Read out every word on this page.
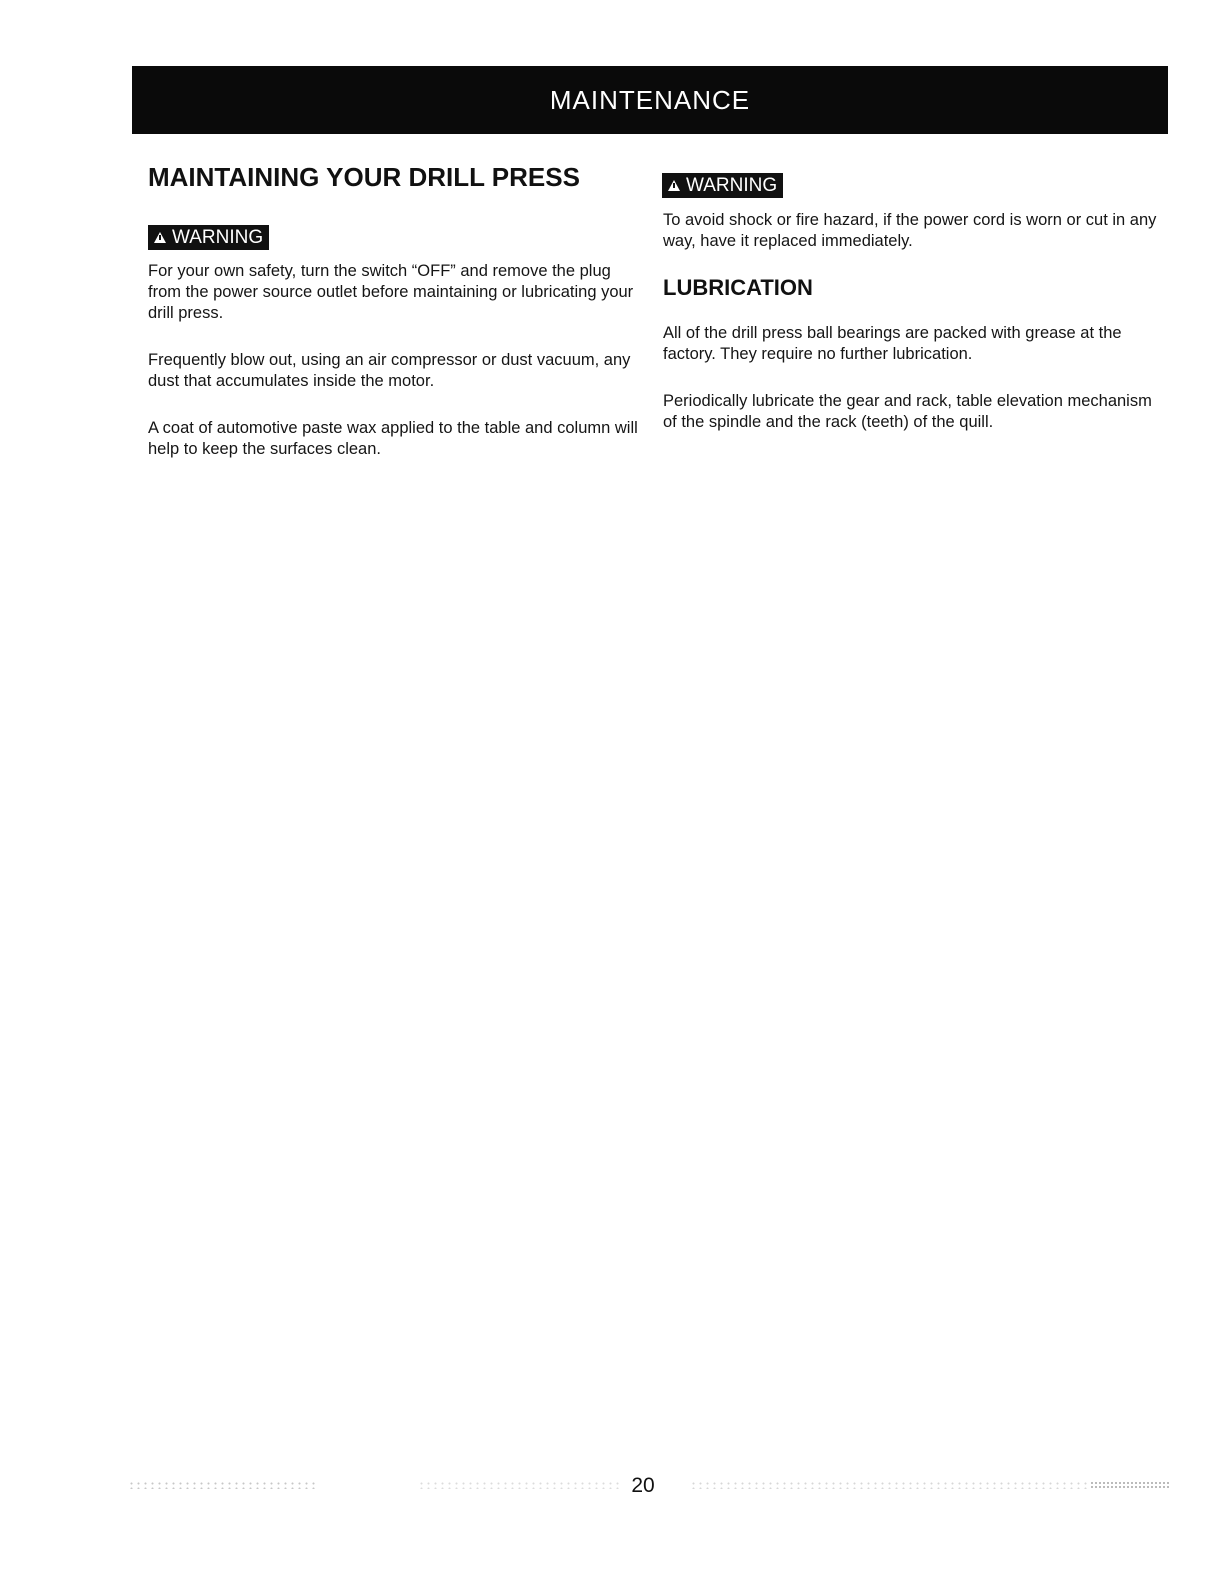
MAINTENANCE
MAINTAINING YOUR DRILL PRESS
WARNING

For your own safety, turn the switch “OFF” and remove the plug from the power source outlet before maintaining or lubricating your drill press.

Frequently blow out, using an air compressor or dust vacuum, any dust that accumulates inside the motor.

A coat of automotive paste wax applied to the table and column will help to keep the surfaces clean.

WARNING

To avoid shock or fire hazard, if the power cord is worn or cut in any way, have it replaced immediately.

LUBRICATION

All of the drill press ball bearings are packed with grease at the factory. They require no further lubrication.

Periodically lubricate the gear and rack, table elevation mechanism of the spindle and the rack (teeth) of the quill.

20
